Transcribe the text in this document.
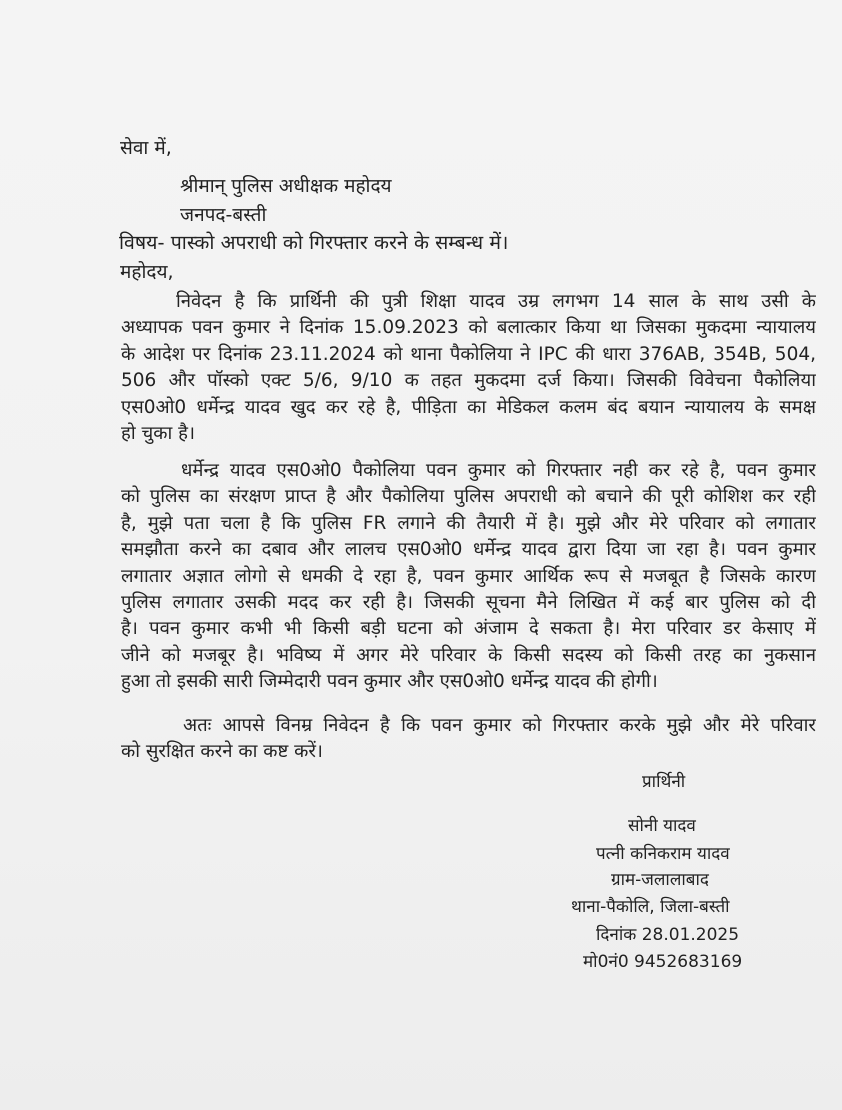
सेवा में,
श्रीमान् पुलिस अधीक्षक महोदय
जनपद-बस्ती
विषय- पास्को अपराधी को गिरफ्तार करने के सम्बन्ध में।
महोदय,
निवेदन है कि प्रार्थिनी की पुत्री शिक्षा यादव उम्र लगभग 14 साल के साथ उसी के
अध्यापक पवन कुमार ने दिनांक 15.09.2023 को बलात्कार किया था जिसका मुकदमा न्यायालय
के आदेश पर दिनांक 23.11.2024 को थाना पैकोलिया ने IPC की धारा 376AB, 354B, 504,
506 और पॉस्को एक्ट 5/6, 9/10 क तहत मुकदमा दर्ज किया। जिसकी विवेचना पैकोलिया
एस0ओ0 धर्मेन्द्र यादव खुद कर रहे है, पीड़िता का मेडिकल कलम बंद बयान न्यायालय के समक्ष
हो चुका है।
धर्मेन्द्र यादव एस0ओ0 पैकोलिया पवन कुमार को गिरफ्तार नही कर रहे है, पवन कुमार
को पुलिस का संरक्षण प्राप्त है और पैकोलिया पुलिस अपराधी को बचाने की पूरी कोशिश कर रही
है, मुझे पता चला है कि पुलिस FR लगाने की तैयारी में है। मुझे और मेरे परिवार को लगातार
समझौता करने का दबाव और लालच एस0ओ0 धर्मेन्द्र यादव द्वारा दिया जा रहा है। पवन कुमार
लगातार अज्ञात लोगो से धमकी दे रहा है, पवन कुमार आर्थिक रूप से मजबूत है जिसके कारण
पुलिस लगातार उसकी मदद कर रही है। जिसकी सूचना मैने लिखित में कई बार पुलिस को दी
है। पवन कुमार कभी भी किसी बड़ी घटना को अंजाम दे सकता है। मेरा परिवार डर केसाए में
जीने को मजबूर है। भविष्य में अगर मेरे परिवार के किसी सदस्य को किसी तरह का नुकसान
हुआ तो इसकी सारी जिम्मेदारी पवन कुमार और एस0ओ0 धर्मेन्द्र यादव की होगी।
अतः आपसे विनम्र निवेदन है कि पवन कुमार को गिरफ्तार करके मुझे और मेरे परिवार
को सुरक्षित करने का कष्ट करें।
प्रार्थिनी
सोनी यादव
पत्नी कनिकराम यादव
ग्राम-जलालाबाद
थाना-पैकोलि, जिला-बस्ती
दिनांक 28.01.2025
मो0नं0 9452683169
